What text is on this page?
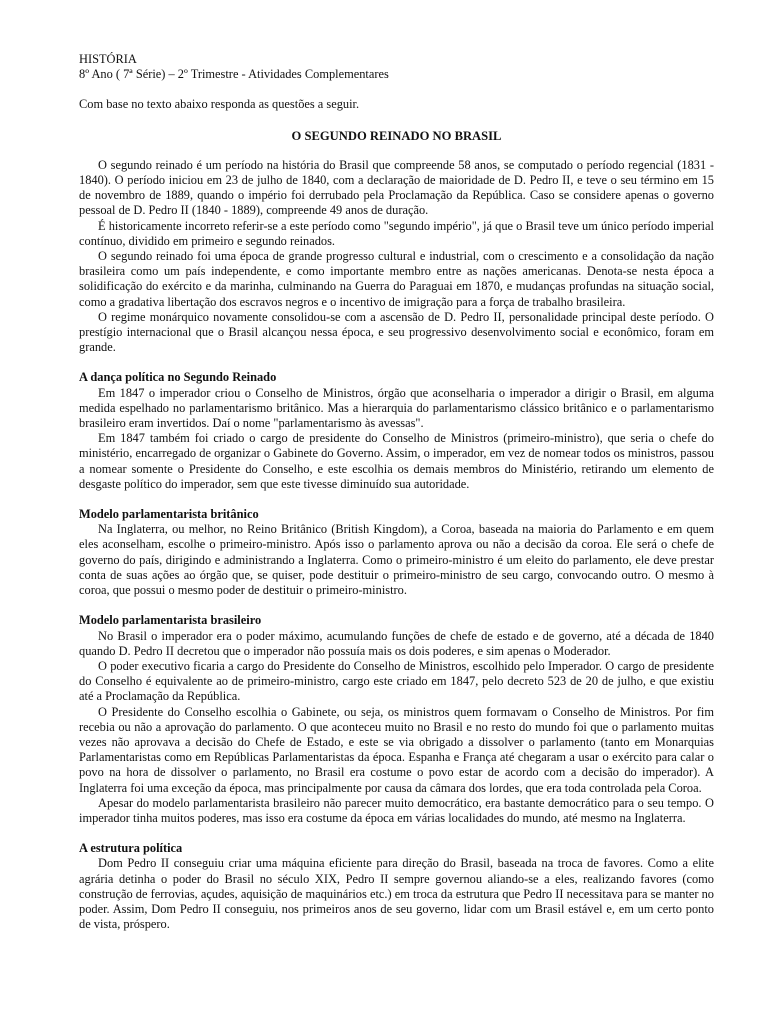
HISTÓRIA

8º Ano ( 7ª Série) – 2º Trimestre - Atividades Complementares

Com base no texto abaixo responda as questões a seguir.

O SEGUNDO REINADO NO BRASIL

O segundo reinado é um período na história do Brasil que compreende 58 anos, se computado o período regencial (1831 - 1840). O período iniciou em 23 de julho de 1840, com a declaração de maioridade de D. Pedro II, e teve o seu término em 15 de novembro de 1889, quando o império foi derrubado pela Proclamação da República. Caso se considere apenas o governo pessoal de D. Pedro II (1840 - 1889), compreende 49 anos de duração.

É historicamente incorreto referir-se a este período como "segundo império", já que o Brasil teve um único período imperial contínuo, dividido em primeiro e segundo reinados.

O segundo reinado foi uma época de grande progresso cultural e industrial, com o crescimento e a consolidação da nação brasileira como um país independente, e como importante membro entre as nações americanas. Denota-se nesta época a solidificação do exército e da marinha, culminando na Guerra do Paraguai em 1870, e mudanças profundas na situação social, como a gradativa libertação dos escravos negros e o incentivo de imigração para a força de trabalho brasileira.

O regime monárquico novamente consolidou-se com a ascensão de D. Pedro II, personalidade principal deste período. O prestígio internacional que o Brasil alcançou nessa época, e seu progressivo desenvolvimento social e econômico, foram em grande.

A dança política no Segundo Reinado

Em 1847 o imperador criou o Conselho de Ministros, órgão que aconselharia o imperador a dirigir o Brasil, em alguma medida espelhado no parlamentarismo britânico. Mas a hierarquia do parlamentarismo clássico britânico e o parlamentarismo brasileiro eram invertidos. Daí o nome "parlamentarismo às avessas".

Em 1847 também foi criado o cargo de presidente do Conselho de Ministros (primeiro-ministro), que seria o chefe do ministério, encarregado de organizar o Gabinete do Governo. Assim, o imperador, em vez de nomear todos os ministros, passou a nomear somente o Presidente do Conselho, e este escolhia os demais membros do Ministério, retirando um elemento de desgaste político do imperador, sem que este tivesse diminuído sua autoridade.

Modelo parlamentarista britânico

Na Inglaterra, ou melhor, no Reino Britânico (British Kingdom), a Coroa, baseada na maioria do Parlamento e em quem eles aconselham, escolhe o primeiro-ministro. Após isso o parlamento aprova ou não a decisão da coroa. Ele será o chefe de governo do país, dirigindo e administrando a Inglaterra. Como o primeiro-ministro é um eleito do parlamento, ele deve prestar conta de suas ações ao órgão que, se quiser, pode destituir o primeiro-ministro de seu cargo, convocando outro. O mesmo à coroa, que possui o mesmo poder de destituir o primeiro-ministro.

Modelo parlamentarista brasileiro

No Brasil o imperador era o poder máximo, acumulando funções de chefe de estado e de governo, até a década de 1840 quando D. Pedro II decretou que o imperador não possuía mais os dois poderes, e sim apenas o Moderador.

O poder executivo ficaria a cargo do Presidente do Conselho de Ministros, escolhido pelo Imperador. O cargo de presidente do Conselho é equivalente ao de primeiro-ministro, cargo este criado em 1847, pelo decreto 523 de 20 de julho, e que existiu até a Proclamação da República.

O Presidente do Conselho escolhia o Gabinete, ou seja, os ministros quem formavam o Conselho de Ministros. Por fim recebia ou não a aprovação do parlamento. O que aconteceu muito no Brasil e no resto do mundo foi que o parlamento muitas vezes não aprovava a decisão do Chefe de Estado, e este se via obrigado a dissolver o parlamento (tanto em Monarquias Parlamentaristas como em Repúblicas Parlamentaristas da época. Espanha e França até chegaram a usar o exército para calar o povo na hora de dissolver o parlamento, no Brasil era costume o povo estar de acordo com a decisão do imperador). A Inglaterra foi uma exceção da época, mas principalmente por causa da câmara dos lordes, que era toda controlada pela Coroa.

Apesar do modelo parlamentarista brasileiro não parecer muito democrático, era bastante democrático para o seu tempo. O imperador tinha muitos poderes, mas isso era costume da época em várias localidades do mundo, até mesmo na Inglaterra.

A estrutura política

Dom Pedro II conseguiu criar uma máquina eficiente para direção do Brasil, baseada na troca de favores. Como a elite agrária detinha o poder do Brasil no século XIX, Pedro II sempre governou aliando-se a eles, realizando favores (como construção de ferrovias, açudes, aquisição de maquinários etc.) em troca da estrutura que Pedro II necessitava para se manter no poder. Assim, Dom Pedro II conseguiu, nos primeiros anos de seu governo, lidar com um Brasil estável e, em um certo ponto de vista, próspero.
